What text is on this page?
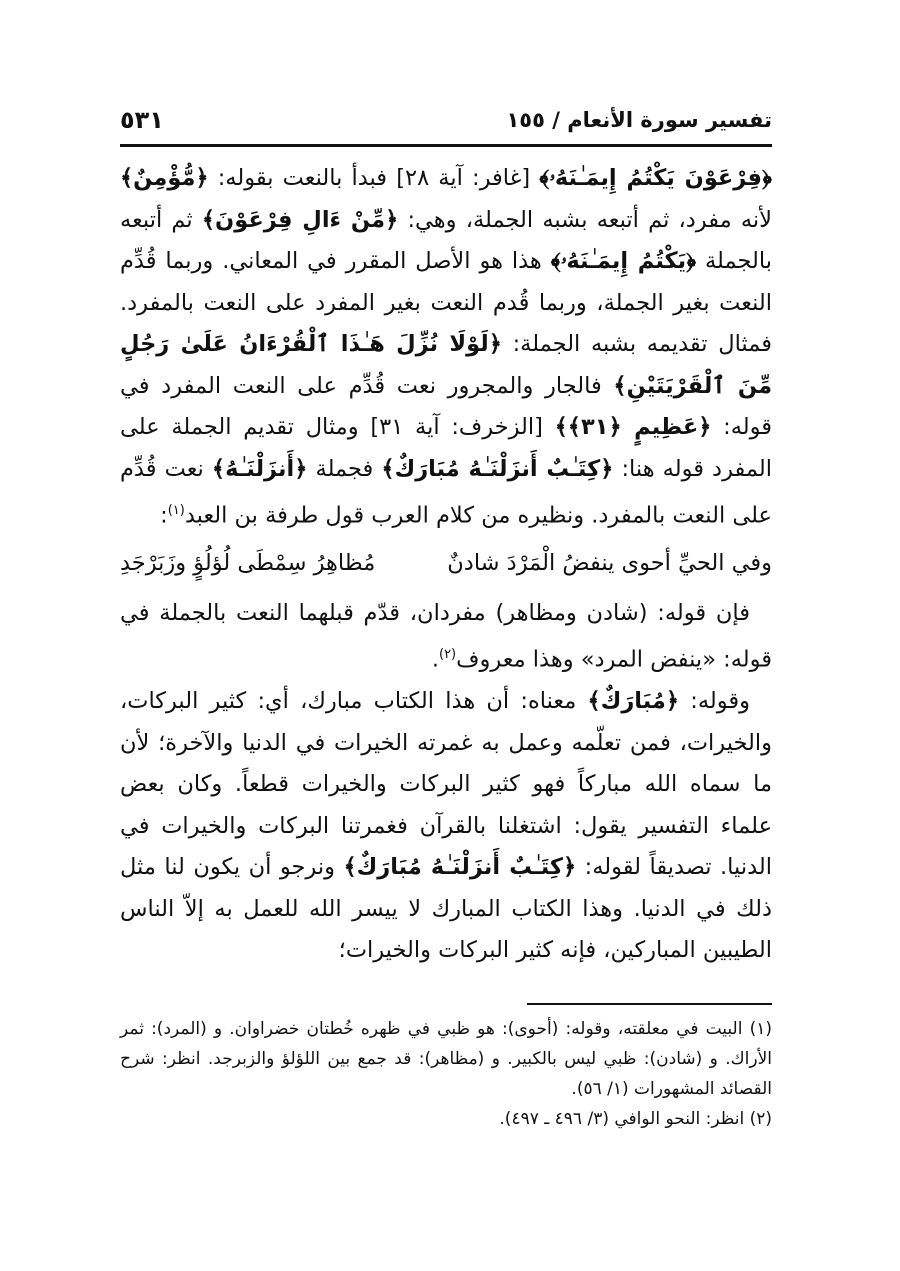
تفسير سورة الأنعام / ١٥٥
٥٣١

﴿فِرْعَوْنَ يَكْتُمُ إِيمَـٰنَهُۥ﴾ [غافر: آية ٢٨] فبدأ بالنعت بقوله: ﴿مُّؤْمِنٌ﴾ لأنه مفرد، ثم أتبعه بشبه الجملة، وهي: ﴿مِّنْ ءَالِ فِرْعَوْنَ﴾ ثم أتبعه بالجملة ﴿يَكْتُمُ إِيمَـٰنَهُۥ﴾ هذا هو الأصل المقرر في المعاني. وربما قُدِّم النعت بغير الجملة، وربما قُدم النعت بغير المفرد على النعت بالمفرد. فمثال تقديمه بشبه الجملة: ﴿لَوْلَا نُزِّلَ هَـٰذَا ٱلْقُرْءَانُ عَلَىٰ رَجُلٍ مِّنَ ٱلْقَرْيَتَيْنِ﴾ فالجار والمجرور نعت قُدِّم على النعت المفرد في قوله: ﴿عَظِيمٍ ﴿٣١﴾﴾ [الزخرف: آية ٣١] ومثال تقديم الجملة على المفرد قوله هنا: ﴿كِتَـٰبٌ أَنزَلْنَـٰهُ مُبَارَكٌ﴾ فجملة ﴿أَنزَلْنَـٰهُ﴾ نعت قُدِّم على النعت بالمفرد. ونظيره من كلام العرب قول طرفة بن العبد$^{(١)}$:

وفي الحيِّ أحوى ينفضُ الْمَرْدَ شادنٌ
مُظاهِرُ سِمْطَى لُؤلُؤٍ وزَبَرْجَدِ

فإن قوله: (شادن ومظاهر) مفردان، قدّم قبلهما النعت بالجملة في قوله: «ينفض المرد» وهذا معروف$^{(٢)}$.

وقوله: ﴿مُبَارَكٌ﴾ معناه: أن هذا الكتاب مبارك، أي: كثير البركات، والخيرات، فمن تعلّمه وعمل به غمرته الخيرات في الدنيا والآخرة؛ لأن ما سماه الله مباركاً فهو كثير البركات والخيرات قطعاً. وكان بعض علماء التفسير يقول: اشتغلنا بالقرآن فغمرتنا البركات والخيرات في الدنيا. تصديقاً لقوله: ﴿كِتَـٰبٌ أَنزَلْنَـٰهُ مُبَارَكٌ﴾ ونرجو أن يكون لنا مثل ذلك في الدنيا. وهذا الكتاب المبارك لا ييسر الله للعمل به إلاّ الناس الطيبين المباركين، فإنه كثير البركات والخيرات؛

(١) البيت في معلقته، وقوله: (أحوى): هو ظبي في ظهره خُطتان خضراوان. و (المرد): ثمر الأراك. و (شادن): ظبي ليس بالكبير. و (مظاهر): قد جمع بين اللؤلؤ والزبرجد. انظر: شرح القصائد المشهورات (١/ ٥٦).

(٢) انظر: النحو الوافي (٣/ ٤٩٦ ـ ٤٩٧).
